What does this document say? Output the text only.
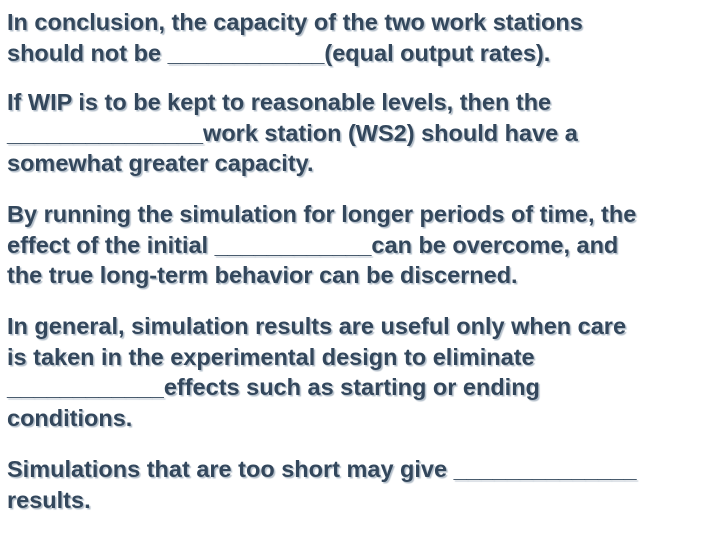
In conclusion, the capacity of the two work stations
should not be ____________(equal output rates).

If WIP is to be kept to reasonable levels, then the
_______________work station (WS2) should have a
somewhat greater capacity.

By running the simulation for longer periods of time, the
effect of the initial ____________can be overcome, and
the true long-term behavior can be discerned.

In general, simulation results are useful only when care
is taken in the experimental design to eliminate
____________effects such as starting or ending
conditions.

Simulations that are too short may give ______________
results.
